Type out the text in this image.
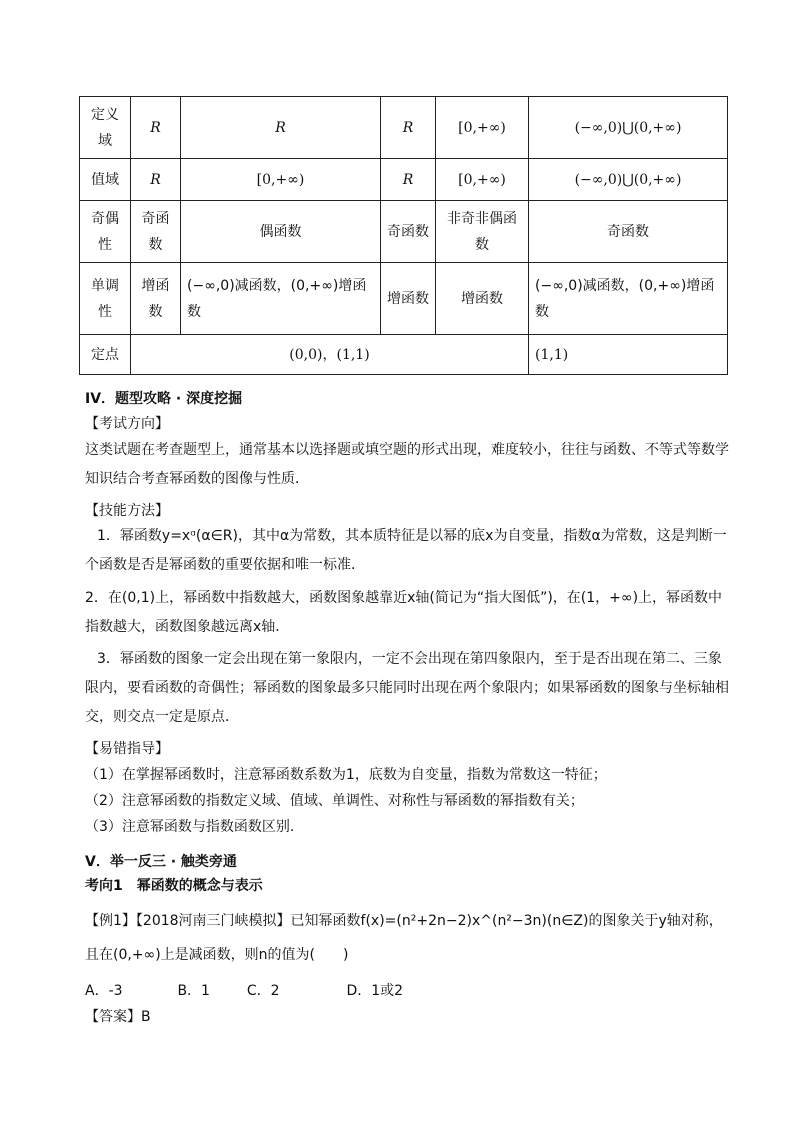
定义域	R	R	R	[0,+∞)	(−∞,0)⋃(0,+∞)
值域	R	[0,+∞)	R	[0,+∞)	(−∞,0)⋃(0,+∞)
奇偶性	奇函数	偶函数	奇函数	非奇非偶函数	奇函数
单调性	增函数	(−∞,0)减函数，(0,+∞)增函数	增函数	增函数	(−∞,0)减函数，(0,+∞)增函数
定点	(0,0)，(1,1)				(1,1)
IV．题型攻略 · 深度挖掘
【考试方向】
这类试题在考查题型上，通常基本以选择题或填空题的形式出现，难度较小，往往与函数、不等式等数学知识结合考查幂函数的图像与性质．
【技能方法】
1．幂函数y=xᵅ(α∈R)，其中α为常数，其本质特征是以幂的底x为自变量，指数α为常数，这是判断一个函数是否是幂函数的重要依据和唯一标准．
2．在(0,1)上，幂函数中指数越大，函数图象越靠近x轴(简记为“指大图低”)，在(1，+∞)上，幂函数中指数越大，函数图象越远离x轴．
3．幂函数的图象一定会出现在第一象限内，一定不会出现在第四象限内，至于是否出现在第二、三象限内，要看函数的奇偶性；幂函数的图象最多只能同时出现在两个象限内；如果幂函数的图象与坐标轴相交，则交点一定是原点．
【易错指导】
（1）在掌握幂函数时，注意幂函数系数为1，底数为自变量，指数为常数这一特征；
（2）注意幂函数的指数定义域、值域、单调性、对称性与幂函数的幂指数有关；
（3）注意幂函数与指数函数区别.
V．举一反三 · 触类旁通
考向1　幂函数的概念与表示
【例1】【2018河南三门峡模拟】已知幂函数f(x)=(n²+2n−2)x^(n²−3n)(n∈Z)的图象关于y轴对称，
且在(0,+∞)上是减函数，则n的值为(　　)
A．-3	B．1	C．2	D．1或2
【答案】B
